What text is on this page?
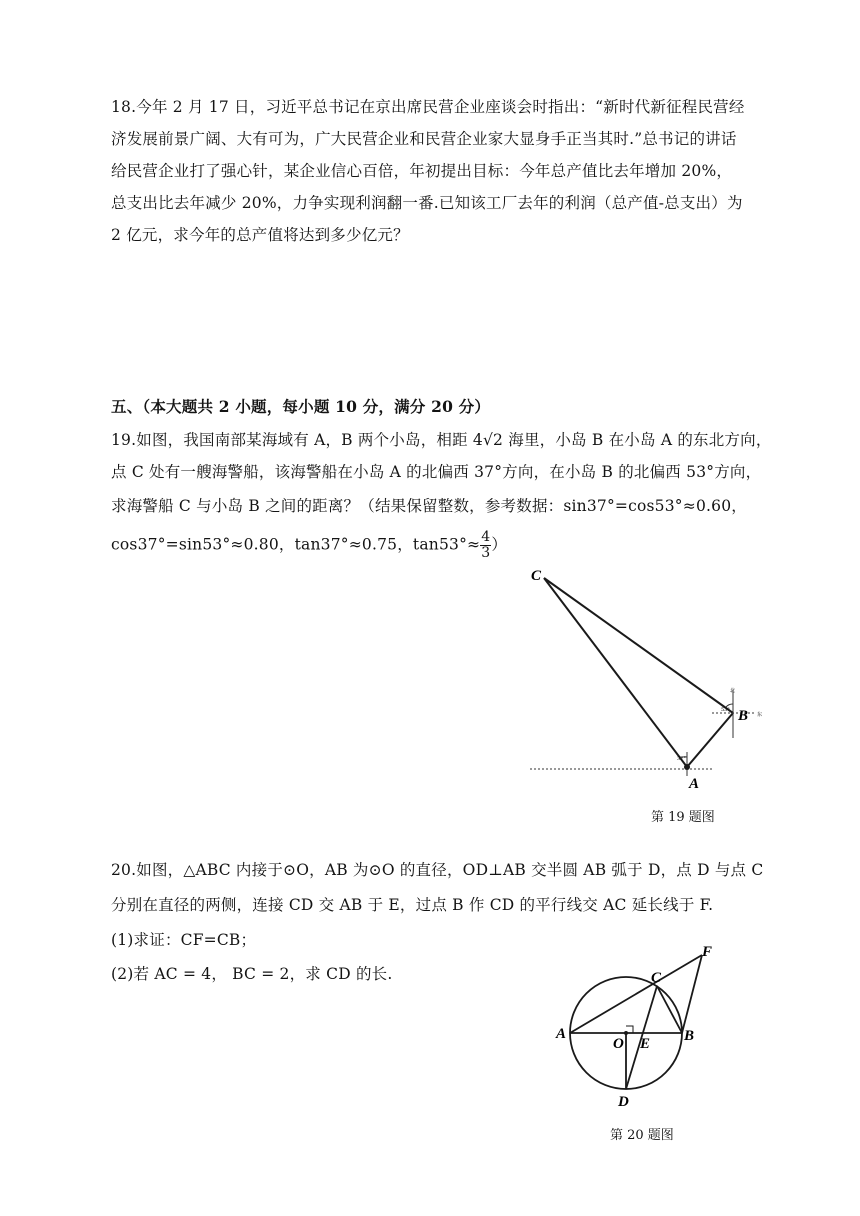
18.今年 2 月 17 日，习近平总书记在京出席民营企业座谈会时指出：“新时代新征程民营经
济发展前景广阔、大有可为，广大民营企业和民营企业家大显身手正当其时.”总书记的讲话
给民营企业打了强心针，某企业信心百倍，年初提出目标：今年总产值比去年增加 20%，
总支出比去年减少 20%，力争实现利润翻一番.已知该工厂去年的利润（总产值-总支出）为
2 亿元，求今年的总产值将达到多少亿元？
五、（本大题共 2 小题，每小题 10 分，满分 20 分）
19.如图，我国南部某海域有 A，B 两个小岛，相距 4√2 海里，小岛 B 在小岛 A 的东北方向，
点 C 处有一艘海警船，该海警船在小岛 A 的北偏西 37°方向，在小岛 B 的北偏西 53°方向，
求海警船 C 与小岛 B 之间的距离？（结果保留整数，参考数据：sin37°=cos53°≈0.60，
cos37°=sin53°≈0.80，tan37°≈0.75，$\tan 53^\circ\approx \frac{4}{3}$ ）
C
B
A
53°
37°
北
东
第 19 题图
20.如图，△ABC 内接于⊙O，AB 为⊙O 的直径，OD⊥AB 交半圆 AB 弧于 D，点 D 与点 C
分别在直径的两侧，连接 CD 交 AB 于 E，过点 B 作 CD 的平行线交 AC 延长线于 F.
(1)求证：CF=CB；
(2)若 AC = 4， BC = 2，求 CD 的长.
A	B
C
D
E
F
O
第 20 题图
